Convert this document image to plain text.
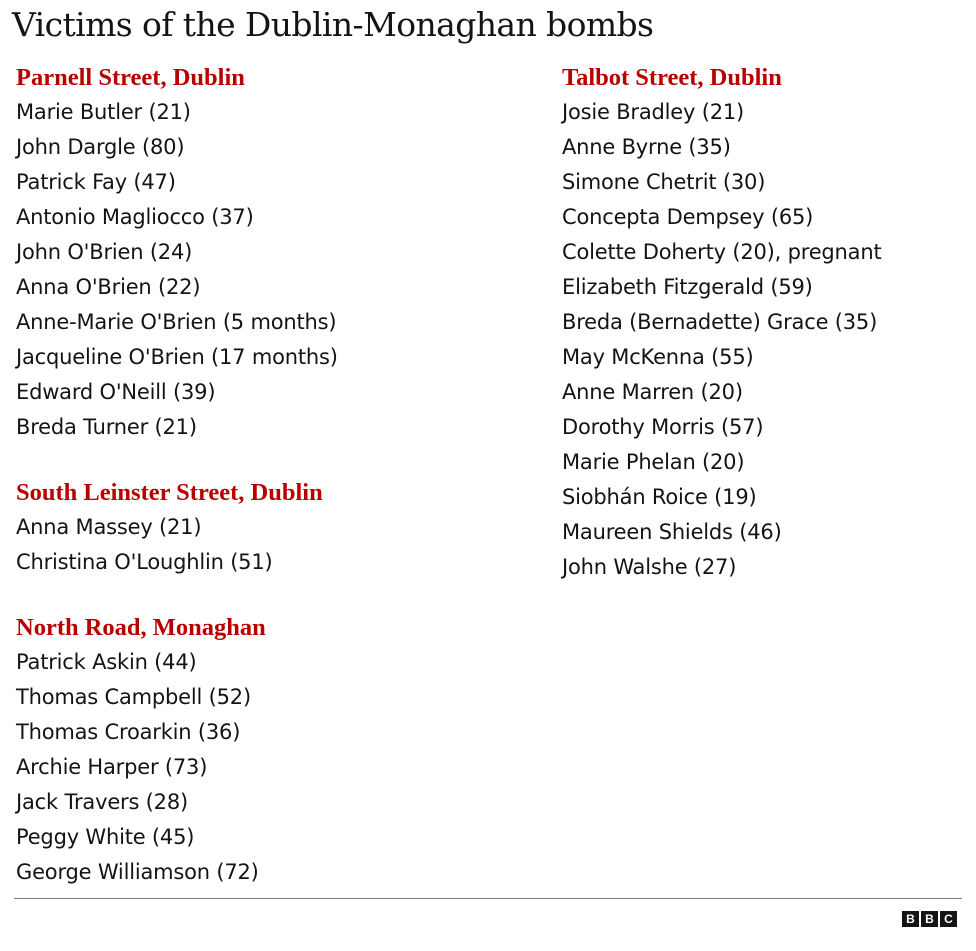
Victims of the Dublin-Monaghan bombs
Parnell Street, Dublin
Marie Butler (21)
John Dargle (80)
Patrick Fay (47)
Antonio Magliocco (37)
John O'Brien (24)
Anna O'Brien (22)
Anne-Marie O'Brien (5 months)
Jacqueline O'Brien (17 months)
Edward O'Neill (39)
Breda Turner (21)
South Leinster Street, Dublin
Anna Massey (21)
Christina O'Loughlin (51)
North Road, Monaghan
Patrick Askin (44)
Thomas Campbell (52)
Thomas Croarkin (36)
Archie Harper (73)
Jack Travers (28)
Peggy White (45)
George Williamson (72)
Talbot Street, Dublin
Josie Bradley (21)
Anne Byrne (35)
Simone Chetrit (30)
Concepta Dempsey (65)
Colette Doherty (20), pregnant
Elizabeth Fitzgerald (59)
Breda (Bernadette) Grace (35)
May McKenna (55)
Anne Marren (20)
Dorothy Morris (57)
Marie Phelan (20)
Siobhán Roice (19)
Maureen Shields (46)
John Walshe (27)
B B C
